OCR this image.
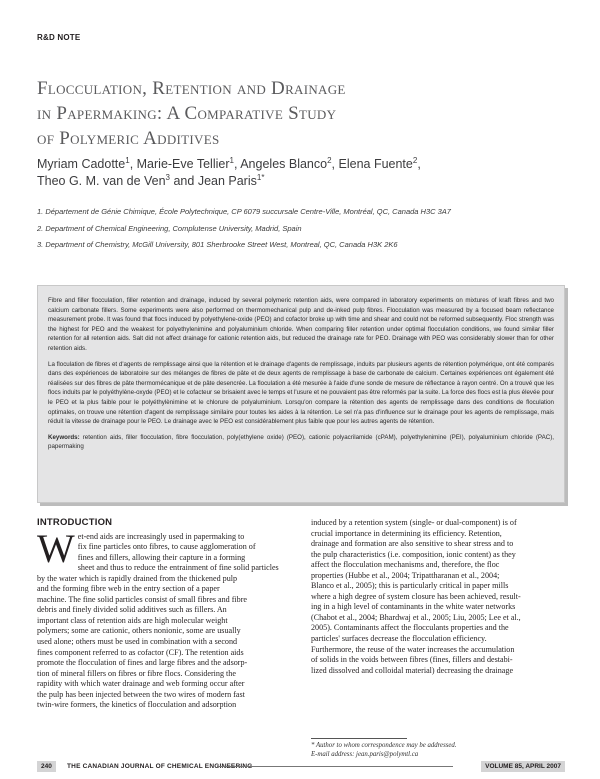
R&D NOTE
Flocculation, Retention and Drainage
in Papermaking: A Comparative Study
of Polymeric Additives
Myriam Cadotte$^1$, Marie-Eve Tellier$^1$, Angeles Blanco$^2$, Elena Fuente$^2$,
Theo G. M. van de Ven$^3$ and Jean Paris$^{1*}$
1. Département de Génie Chimique, École Polytechnique, CP 6079 succursale Centre-Ville, Montréal, QC, Canada H3C 3A7
2. Department of Chemical Engineering, Complutense University, Madrid, Spain
3. Department of Chemistry, McGill University, 801 Sherbrooke Street West, Montreal, QC, Canada H3K 2K6

Fibre and filler flocculation, filler retention and drainage, induced by several polymeric retention aids, were compared in laboratory experiments on mixtures of kraft fibres and two calcium carbonate fillers. Some experiments were also performed on thermomechanical pulp and de-inked pulp fibres. Flocculation was measured by a focused beam reflectance measurement probe. It was found that flocs induced by polyethylene-oxide (PEO) and cofactor broke up with time and shear and could not be reformed subsequently. Floc strength was the highest for PEO and the weakest for polyethylenimine and polyaluminium chloride. When comparing filler retention under optimal flocculation conditions, we found similar filler retention for all retention aids. Salt did not affect drainage for cationic retention aids, but reduced the drainage rate for PEO. Drainage with PEO was considerably slower than for other retention aids.

La floculation de fibres et d'agents de remplissage ainsi que la rétention et le drainage d'agents de remplissage, induits par plusieurs agents de rétention polymérique, ont été comparés dans des expériences de laboratoire sur des mélanges de fibres de pâte et de deux agents de remplissage à base de carbonate de calcium. Certaines expériences ont également été réalisées sur des fibres de pâte thermomécanique et de pâte desencrée. La floculation a été mesurée à l'aide d'une sonde de mesure de réflectance à rayon centré. On a trouvé que les flocs induits par le polyéthylène-oxyde (PEO) et le cofacteur se brisaient avec le temps et l'usure et ne pouvaient pas être reformés par la suite. La force des flocs est la plus élevée pour le PEO et la plus faible pour le polyéthylènimine et le chlorure de polyaluminium. Lorsqu'on compare la rétention des agents de remplissage dans des conditions de floculation optimales, on trouve une rétention d'agent de remplissage similaire pour toutes les aides à la rétention. Le sel n'a pas d'influence sur le drainage pour les agents de remplissage, mais réduit la vitesse de drainage pour le PEO. Le drainage avec le PEO est considérablement plus faible que pour les autres agents de rétention.

Keywords: retention aids, filler flocculation, fibre flocculation, poly(ethylene oxide) (PEO), cationic polyacrilamide (cPAM), polyethylenimine (PEI), polyaluminium chloride (PAC), papermaking

INTRODUCTION
W et-end aids are increasingly used in papermaking to
fix fine particles onto fibres, to cause agglomeration of
fines and fillers, allowing their capture in a forming
sheet and thus to reduce the entrainment of fine solid particles
by the water which is rapidly drained from the thickened pulp
and the forming fibre web in the entry section of a paper
machine. The fine solid particles consist of small fibres and fibre
debris and finely divided solid additives such as fillers. An
important class of retention aids are high molecular weight
polymers; some are cationic, others nonionic, some are usually
used alone; others must be used in combination with a second
fines component referred to as cofactor (CF). The retention aids
promote the flocculation of fines and large fibres and the adsorp-
tion of mineral fillers on fibres or fibre flocs. Considering the
rapidity with which water drainage and web forming occur after
the pulp has been injected between the two wires of modern fast
twin-wire formers, the kinetics of flocculation and adsorption
induced by a retention system (single- or dual-component) is of
crucial importance in determining its efficiency. Retention,
drainage and formation are also sensitive to shear stress and to
the pulp characteristics (i.e. composition, ionic content) as they
affect the flocculation mechanisms and, therefore, the floc
properties (Hubbe et al., 2004; Tripattharanan et al., 2004;
Blanco et al., 2005); this is particularly critical in paper mills
where a high degree of system closure has been achieved, result-
ing in a high level of contaminants in the white water networks
(Chabot et al., 2004; Bhardwaj et al., 2005; Liu, 2005; Lee et al.,
2005). Contaminants affect the flocculants properties and the
particles' surfaces decrease the flocculation efficiency.
Furthermore, the reuse of the water increases the accumulation
of solids in the voids between fibres (fines, fillers and destabi-
lized dissolved and colloidal material) decreasing the drainage
* Author to whom correspondence may be addressed.
E-mail address: jean.paris@polymtl.ca
240	THE CANADIAN JOURNAL OF CHEMICAL ENGINEERING	VOLUME 85, APRIL 2007
